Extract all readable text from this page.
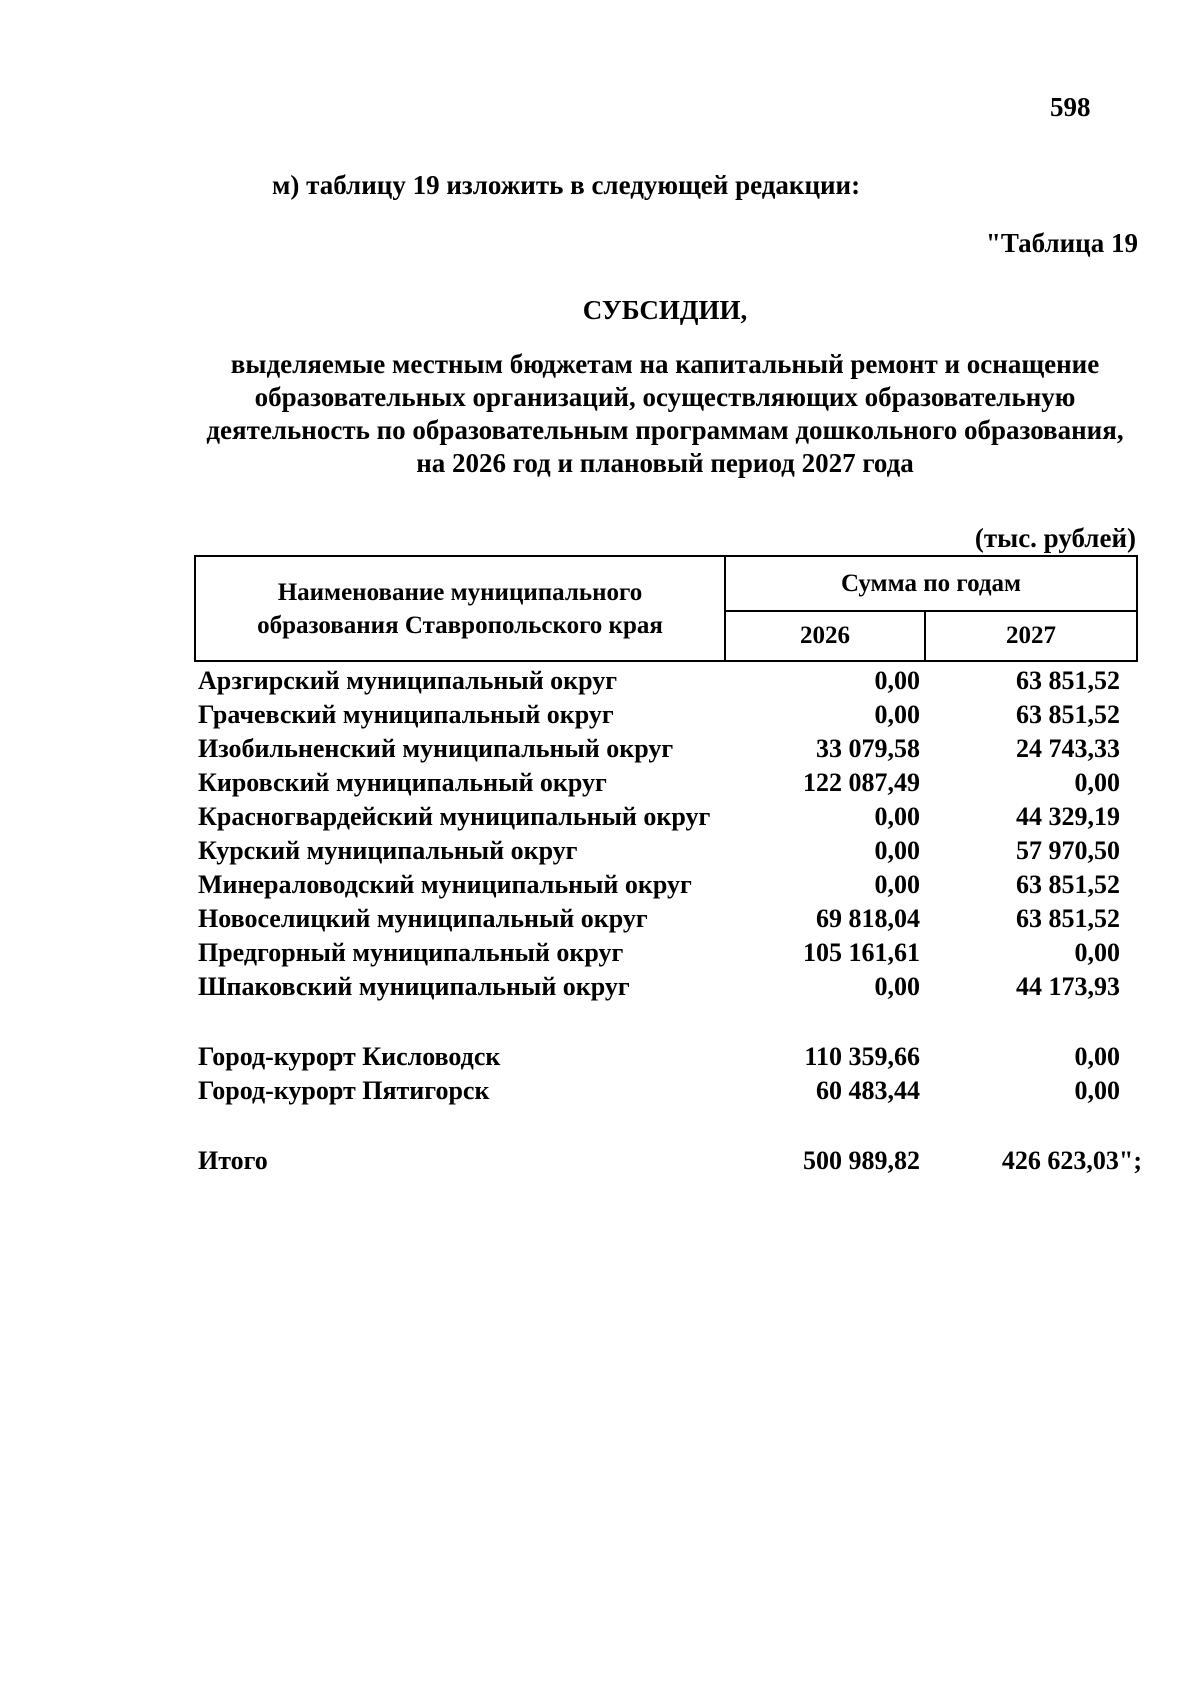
598
м) таблицу 19 изложить в следующей редакции:
"Таблица 19
СУБСИДИИ,
выделяемые местным бюджетам на капитальный ремонт и оснащение
образовательных организаций, осуществляющих образовательную
деятельность по образовательным программам дошкольного образования,
на 2026 год и плановый период 2027 года
(тыс. рублей)
Наименование муниципального
образования Ставропольского края
Сумма по годам
2026	2027
Арзгирский муниципальный округ	0,00	63 851,52
Грачевский муниципальный округ	0,00	63 851,52
Изобильненский муниципальный округ	33 079,58	24 743,33
Кировский муниципальный округ	122 087,49	0,00
Красногвардейский муниципальный округ	0,00	44 329,19
Курский муниципальный округ	0,00	57 970,50
Минераловодский муниципальный округ	0,00	63 851,52
Новоселицкий муниципальный округ	69 818,04	63 851,52
Предгорный муниципальный округ	105 161,61	0,00
Шпаковский муниципальный округ	0,00	44 173,93
Город-курорт Кисловодск	110 359,66	0,00
Город-курорт Пятигорск	60 483,44	0,00
Итого	500 989,82	426 623,03";
